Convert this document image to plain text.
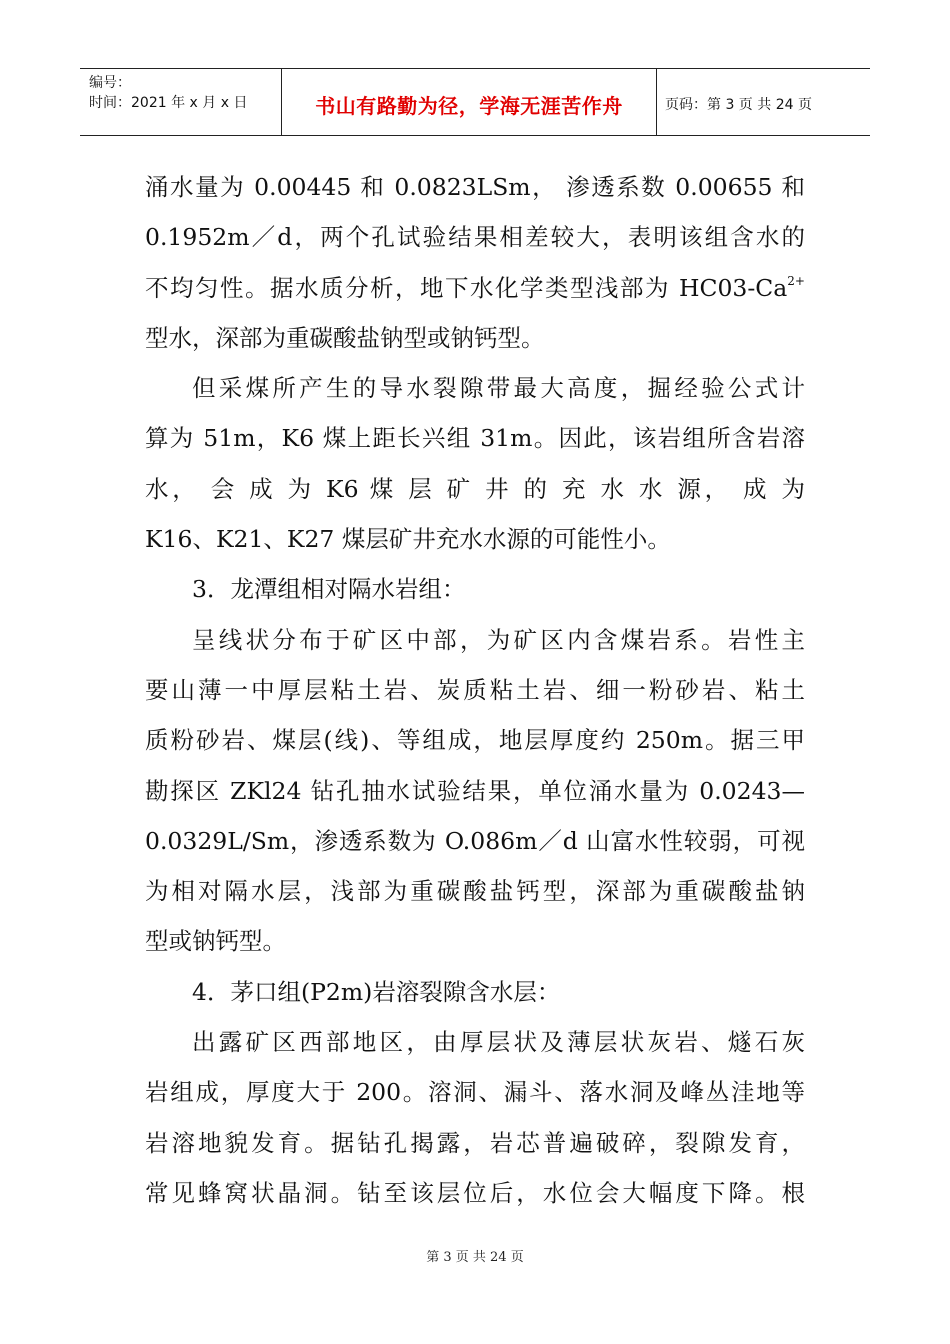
编号：
时间：2021 年 x 月 x 日	书山有路勤为径，学海无涯苦作舟	页码：第 3 页 共 24 页
涌水量为 0.00445 和 0.0823LSm， 渗透系数 0.00655 和
0.1952m／d，两个孔试验结果相差较大，表明该组含水的
不均匀性。据水质分析，地下水化学类型浅部为 $HC03-Ca^{2+}$
型水，深部为重碳酸盐钠型或钠钙型。
但采煤所产生的导水裂隙带最大高度，掘经验公式计
算为 51m，K6 煤上距长兴组 31m。因此，该岩组所含岩溶
水， 会 成 为 K6 煤 层 矿 井 的 充 水 水 源， 成 为
K16、K21、K27 煤层矿井充水水源的可能性小。
3．龙潭组相对隔水岩组：
呈线状分布于矿区中部，为矿区内含煤岩系。岩性主
要山薄一中厚层粘土岩、炭质粘土岩、细一粉砂岩、粘土
质粉砂岩、煤层(线)、等组成，地层厚度约 250m。据三甲
勘探区 ZKl24 钻孔抽水试验结果，单位涌水量为 0.0243—
0.0329L/Sm，渗透系数为 O.086m／d 山富水性较弱，可视
为相对隔水层，浅部为重碳酸盐钙型，深部为重碳酸盐钠
型或钠钙型。
4．茅口组(P2m)岩溶裂隙含水层：
出露矿区西部地区，由厚层状及薄层状灰岩、燧石灰
岩组成，厚度大于 200。溶洞、漏斗、落水洞及峰丛洼地等
岩溶地貌发育。据钻孔揭露，岩芯普遍破碎，裂隙发育，
常见蜂窝状晶洞。钻至该层位后，水位会大幅度下降。根
第 3 页 共 24 页
